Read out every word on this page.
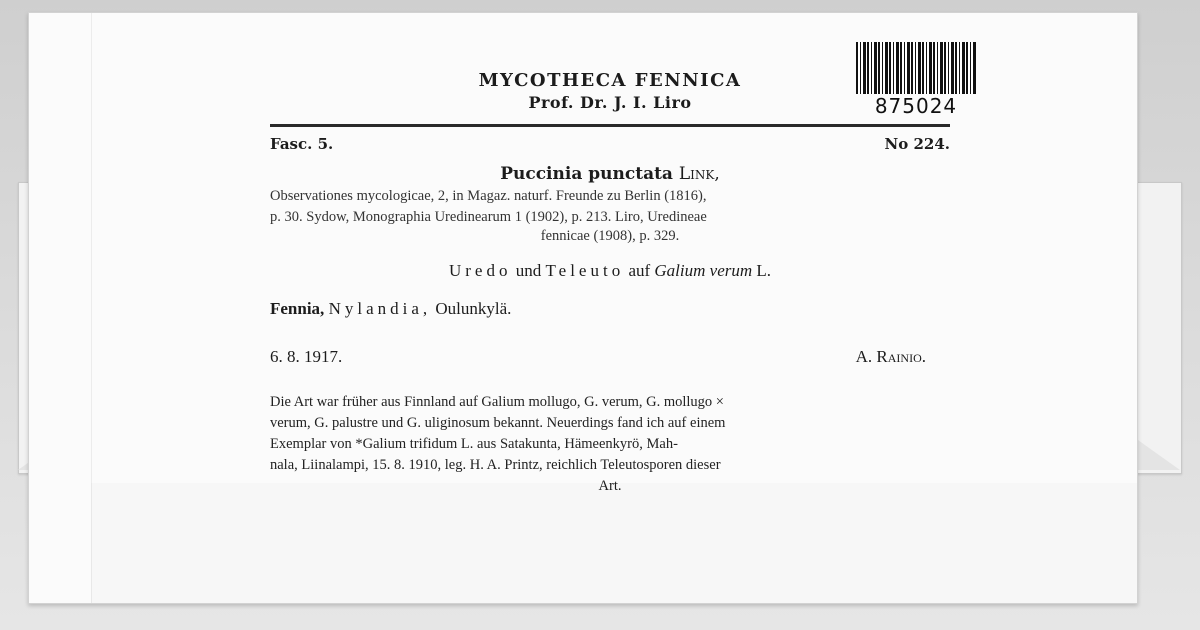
875024
MYCOTHECA FENNICA
Prof. Dr. J. I. Liro
Fasc. 5.	No 224.
Puccinia punctata Link,
Observationes mycologicae, 2, in Magaz. naturf. Freunde zu Berlin (1816),
p. 30. Sydow, Monographia Uredinearum 1 (1902), p. 213. Liro, Uredineae
fennicae (1908), p. 329.
Uredo und Teleuto auf Galium verum L.
Fennia, Nylandia, Oulunkylä.
6. 8. 1917.	A. Rainio.
Die Art war früher aus Finnland auf Galium mollugo, G. verum, G. mollugo ×
verum, G. palustre und G. uliginosum bekannt. Neuerdings fand ich auf einem
Exemplar von *Galium trifidum L. aus Satakunta, Hämeenkyrö, Mah-
nala, Liinalampi, 15. 8. 1910, leg. H. A. Printz, reichlich Teleutosporen dieser
Art.
